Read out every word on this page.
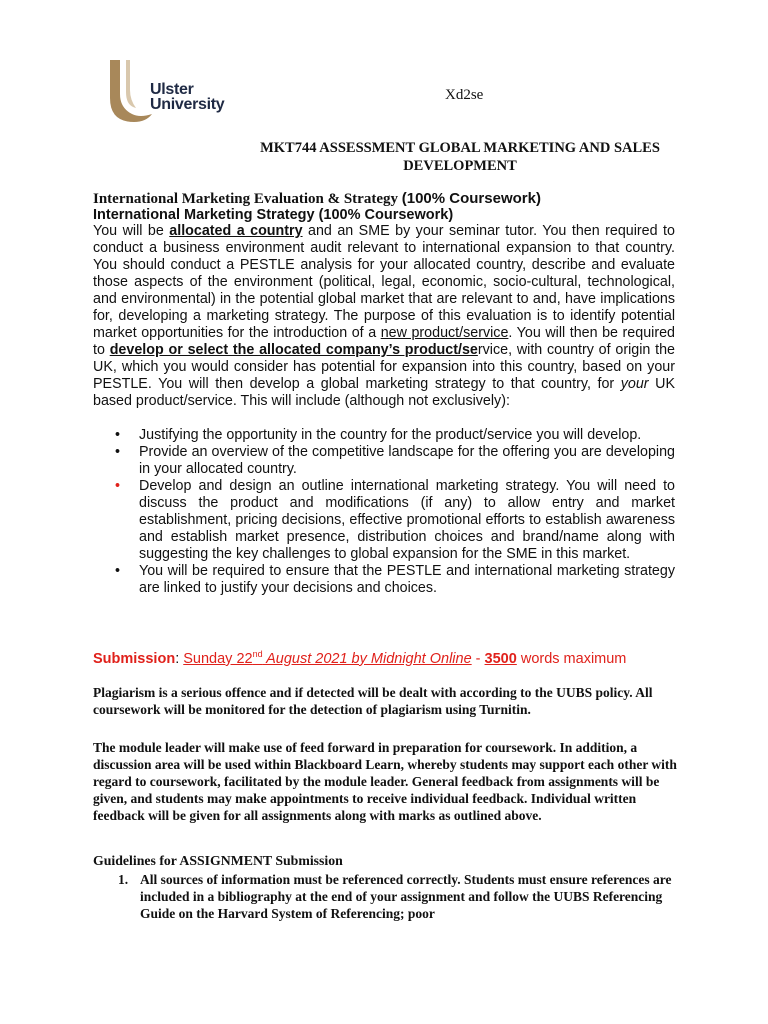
Ulster
University
Xd2se
MKT744 ASSESSMENT GLOBAL MARKETING AND SALES
DEVELOPMENT
International Marketing Evaluation & Strategy (100% Coursework)
International Marketing Strategy (100% Coursework)
You will be allocated a country and an SME by your seminar tutor. You then required to conduct a business environment audit relevant to international expansion to that country. You should conduct a PESTLE analysis for your allocated country, describe and evaluate those aspects of the environment (political, legal, economic, socio-cultural, technological, and environmental) in the potential global market that are relevant to and, have implications for, developing a marketing strategy. The purpose of this evaluation is to identify potential market opportunities for the introduction of a new product/service. You will then be required to develop or select the allocated company’s product/service, with country of origin the UK, which you would consider has potential for expansion into this country, based on your PESTLE. You will then develop a global marketing strategy to that country, for your UK based product/service. This will include (although not exclusively):
• Justifying the opportunity in the country for the product/service you will develop.
• Provide an overview of the competitive landscape for the offering you are developing in your allocated country.
• Develop and design an outline international marketing strategy. You will need to discuss the product and modifications (if any) to allow entry and market establishment, pricing decisions, effective promotional efforts to establish awareness and establish market presence, distribution choices and brand/name along with suggesting the key challenges to global expansion for the SME in this market.
• You will be required to ensure that the PESTLE and international marketing strategy are linked to justify your decisions and choices.
Submission: Sunday 22nd August 2021 by Midnight Online - 3500 words maximum
Plagiarism is a serious offence and if detected will be dealt with according to the UUBS policy. All coursework will be monitored for the detection of plagiarism using Turnitin.
The module leader will make use of feed forward in preparation for coursework. In addition, a discussion area will be used within Blackboard Learn, whereby students may support each other with regard to coursework, facilitated by the module leader. General feedback from assignments will be given, and students may make appointments to receive individual feedback. Individual written feedback will be given for all assignments along with marks as outlined above.
Guidelines for ASSIGNMENT Submission
1. All sources of information must be referenced correctly. Students must ensure references are included in a bibliography at the end of your assignment and follow the UUBS Referencing Guide on the Harvard System of Referencing; poor
